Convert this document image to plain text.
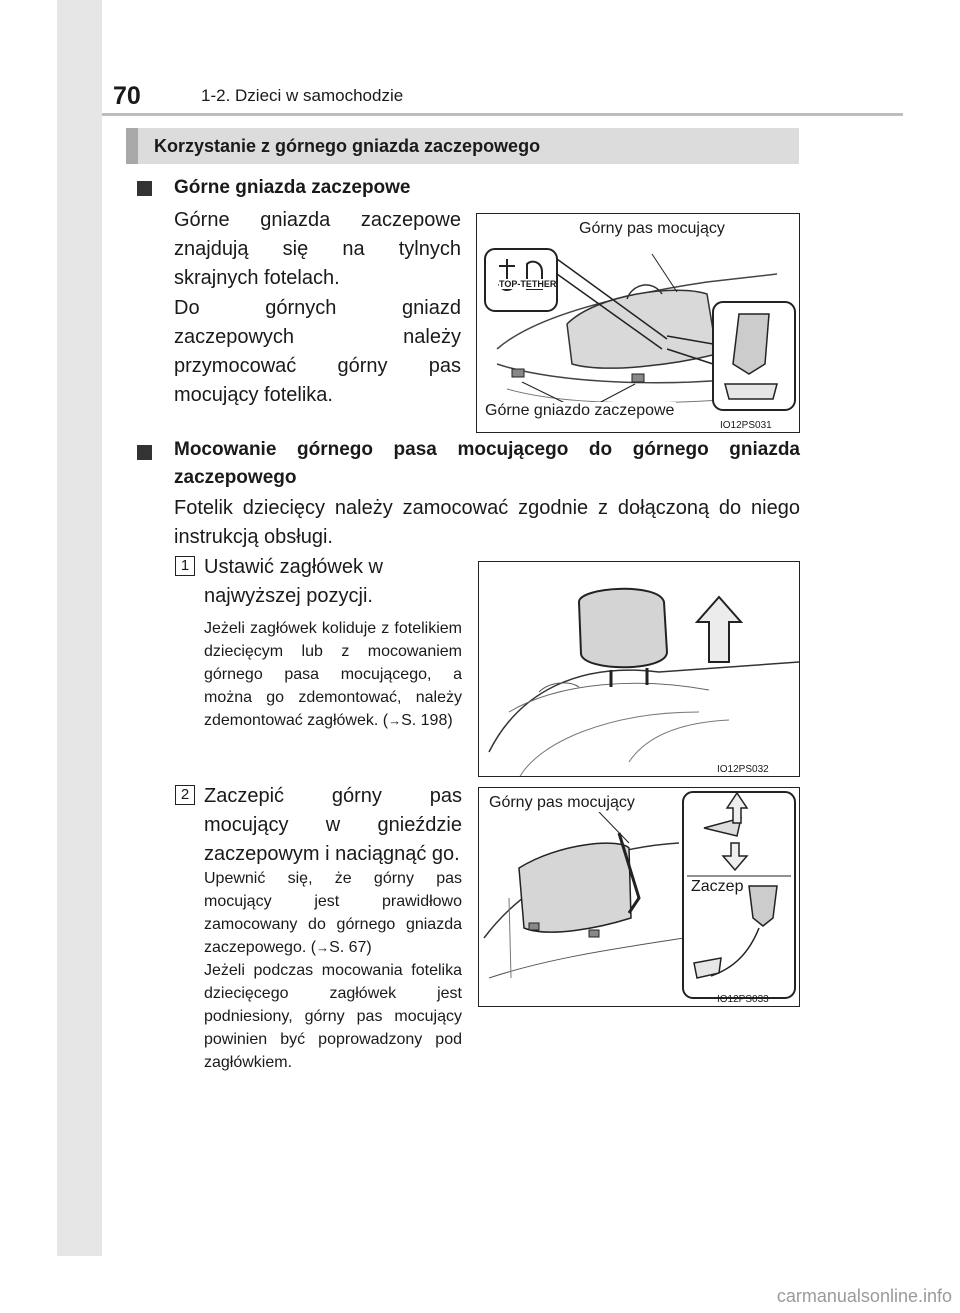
70	1-2. Dzieci w samochodzie
Korzystanie z górnego gniazda zaczepowego
Górne gniazda zaczepowe
Górne gniazda zaczepowe znajdują się na tylnych skrajnych fotelach.
Do górnych gniazd zaczepowych należy przymocować górny pas mocujący fotelika.
TOP-TETHER
Górny pas mocujący
Górne gniazdo zaczepowe
IO12PS031
Mocowanie górnego pasa mocującego do górnego gniazda
zaczepowego
Fotelik dziecięcy należy zamocować zgodnie z dołączoną do niego instrukcją obsługi.
1 Ustawić zagłówek w najwyższej pozycji.
Jeżeli zagłówek koliduje z fotelikiem dziecięcym lub z mocowaniem górnego pasa mocującego, a można go zdemontować, należy zdemontować zagłówek. (→S. 198)
IO12PS032
2 Zaczepić górny pas mocujący w gnieździe zaczepowym i naciągnąć go.
Upewnić się, że górny pas mocujący jest prawidłowo zamocowany do górnego gniazda zaczepowego. (→S. 67)
Jeżeli podczas mocowania fotelika dziecięcego zagłówek jest podniesiony, górny pas mocujący powinien być poprowadzony pod zagłówkiem.
Górny pas mocujący
Zaczep
IO12PS033
carmanualsonline.info
